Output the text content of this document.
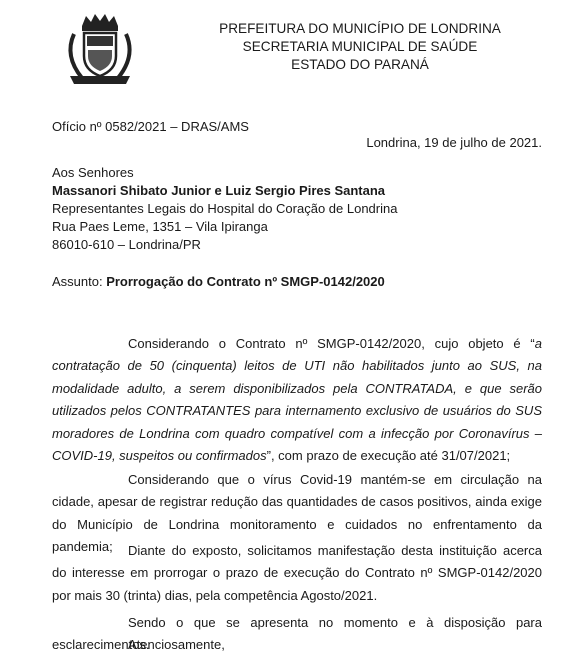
PREFEITURA DO MUNICÍPIO DE LONDRINA
SECRETARIA MUNICIPAL DE SAÚDE
ESTADO DO PARANÁ
Ofício nº 0582/2021 – DRAS/AMS
Londrina, 19 de julho de 2021.
Aos Senhores
Massanori Shibato Junior e Luiz Sergio Pires Santana
Representantes Legais do Hospital do Coração de Londrina
Rua Paes Leme, 1351 – Vila Ipiranga
86010-610 – Londrina/PR
Assunto: Prorrogação do Contrato nº SMGP-0142/2020
Considerando o Contrato nº SMGP-0142/2020, cujo objeto é “a contratação de 50 (cinquenta) leitos de UTI não habilitados junto ao SUS, na modalidade adulto, a serem disponibilizados pela CONTRATADA, e que serão utilizados pelos CONTRATANTES para internamento exclusivo de usuários do SUS moradores de Londrina com quadro compatível com a infecção por Coronavírus – COVID-19, suspeitos ou confirmados”, com prazo de execução até 31/07/2021;
Considerando que o vírus Covid-19 mantém-se em circulação na cidade, apesar de registrar redução das quantidades de casos positivos, ainda exige do Município de Londrina monitoramento e cuidados no enfrentamento da pandemia;	Diante do exposto, solicitamos manifestação desta instituição acerca do interesse em prorrogar o prazo de execução do Contrato nº SMGP-0142/2020 por mais 30 (trinta) dias, pela competência Agosto/2021.
Sendo o que se apresenta no momento e à disposição para esclarecimentos.
Atenciosamente,
